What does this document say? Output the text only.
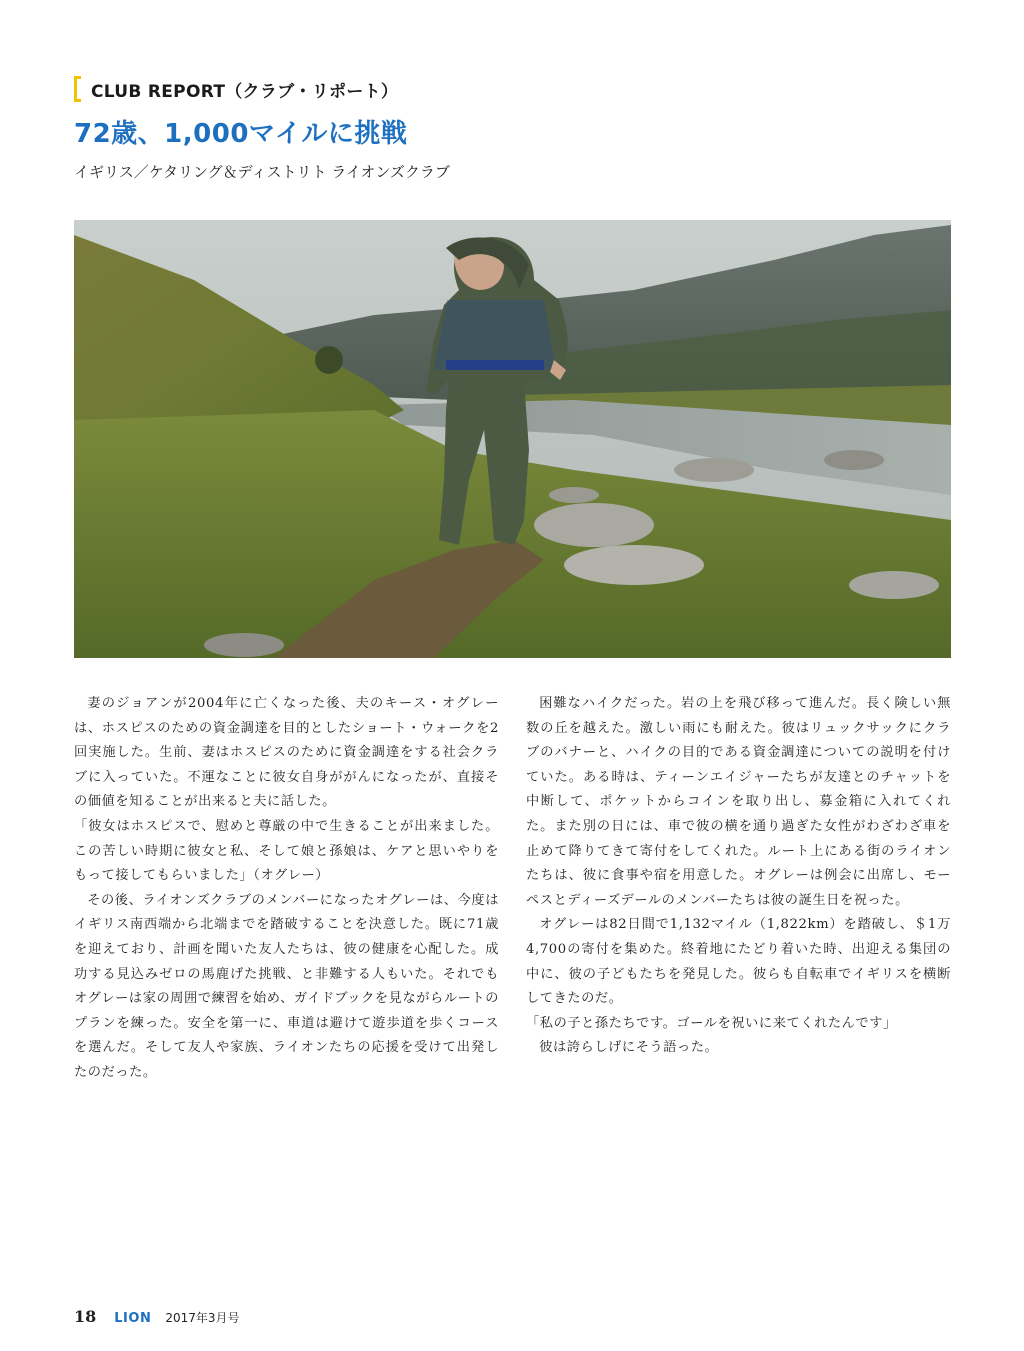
CLUB REPORT（クラブ・リポート）
72歳、1,000マイルに挑戦

イギリス／ケタリング＆ディストリト ライオンズクラブ

妻のジョアンが2004年に亡くなった後、夫のキース・オグレーは、ホスピスのための資金調達を目的としたショート・ウォークを2回実施した。生前、妻はホスピスのために資金調達をする社会クラブに入っていた。不運なことに彼女自身ががんになったが、直接その価値を知ることが出来ると夫に話した。

「彼女はホスピスで、慰めと尊厳の中で生きることが出来ました。この苦しい時期に彼女と私、そして娘と孫娘は、ケアと思いやりをもって接してもらいました」（オグレー）

その後、ライオンズクラブのメンバーになったオグレーは、今度はイギリス南西端から北端までを踏破することを決意した。既に71歳を迎えており、計画を聞いた友人たちは、彼の健康を心配した。成功する見込みゼロの馬鹿げた挑戦、と非難する人もいた。それでもオグレーは家の周囲で練習を始め、ガイドブックを見ながらルートのプランを練った。安全を第一に、車道は避けて遊歩道を歩くコースを選んだ。そして友人や家族、ライオンたちの応援を受けて出発したのだった。

困難なハイクだった。岩の上を飛び移って進んだ。長く険しい無数の丘を越えた。激しい雨にも耐えた。彼はリュックサックにクラブのバナーと、ハイクの目的である資金調達についての説明を付けていた。ある時は、ティーンエイジャーたちが友達とのチャットを中断して、ポケットからコインを取り出し、募金箱に入れてくれた。また別の日には、車で彼の横を通り過ぎた女性がわざわざ車を止めて降りてきて寄付をしてくれた。ルート上にある街のライオンたちは、彼に食事や宿を用意した。オグレーは例会に出席し、モーペスとディーズデールのメンバーたちは彼の誕生日を祝った。

オグレーは82日間で1,132マイル（1,822km）を踏破し、＄1万4,700の寄付を集めた。終着地にたどり着いた時、出迎える集団の中に、彼の子どもたちを発見した。彼らも自転車でイギリスを横断してきたのだ。

「私の子と孫たちです。ゴールを祝いに来てくれたんです」

彼は誇らしげにそう語った。

18 LION 2017年3月号
